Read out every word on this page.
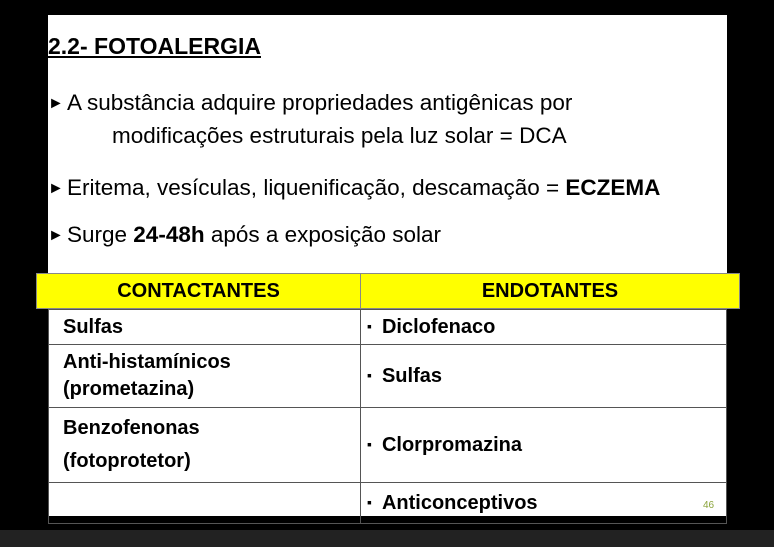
2.2- FOTOALERGIA
► A substância adquire propriedades antigênicas por
modificações estruturais pela luz solar = DCA
► Eritema, vesículas, liquenificação, descamação = ECZEMA
► Surge 24-48h após a exposição solar
46
CONTACTANTES	ENDOTANTES
Sulfas	▪ Diclofenaco
Anti-histamínicos
(prometazina)	▪ Sulfas
Benzofenonas
(fotoprotetor)	▪ Clorpromazina
	▪ Anticonceptivos
